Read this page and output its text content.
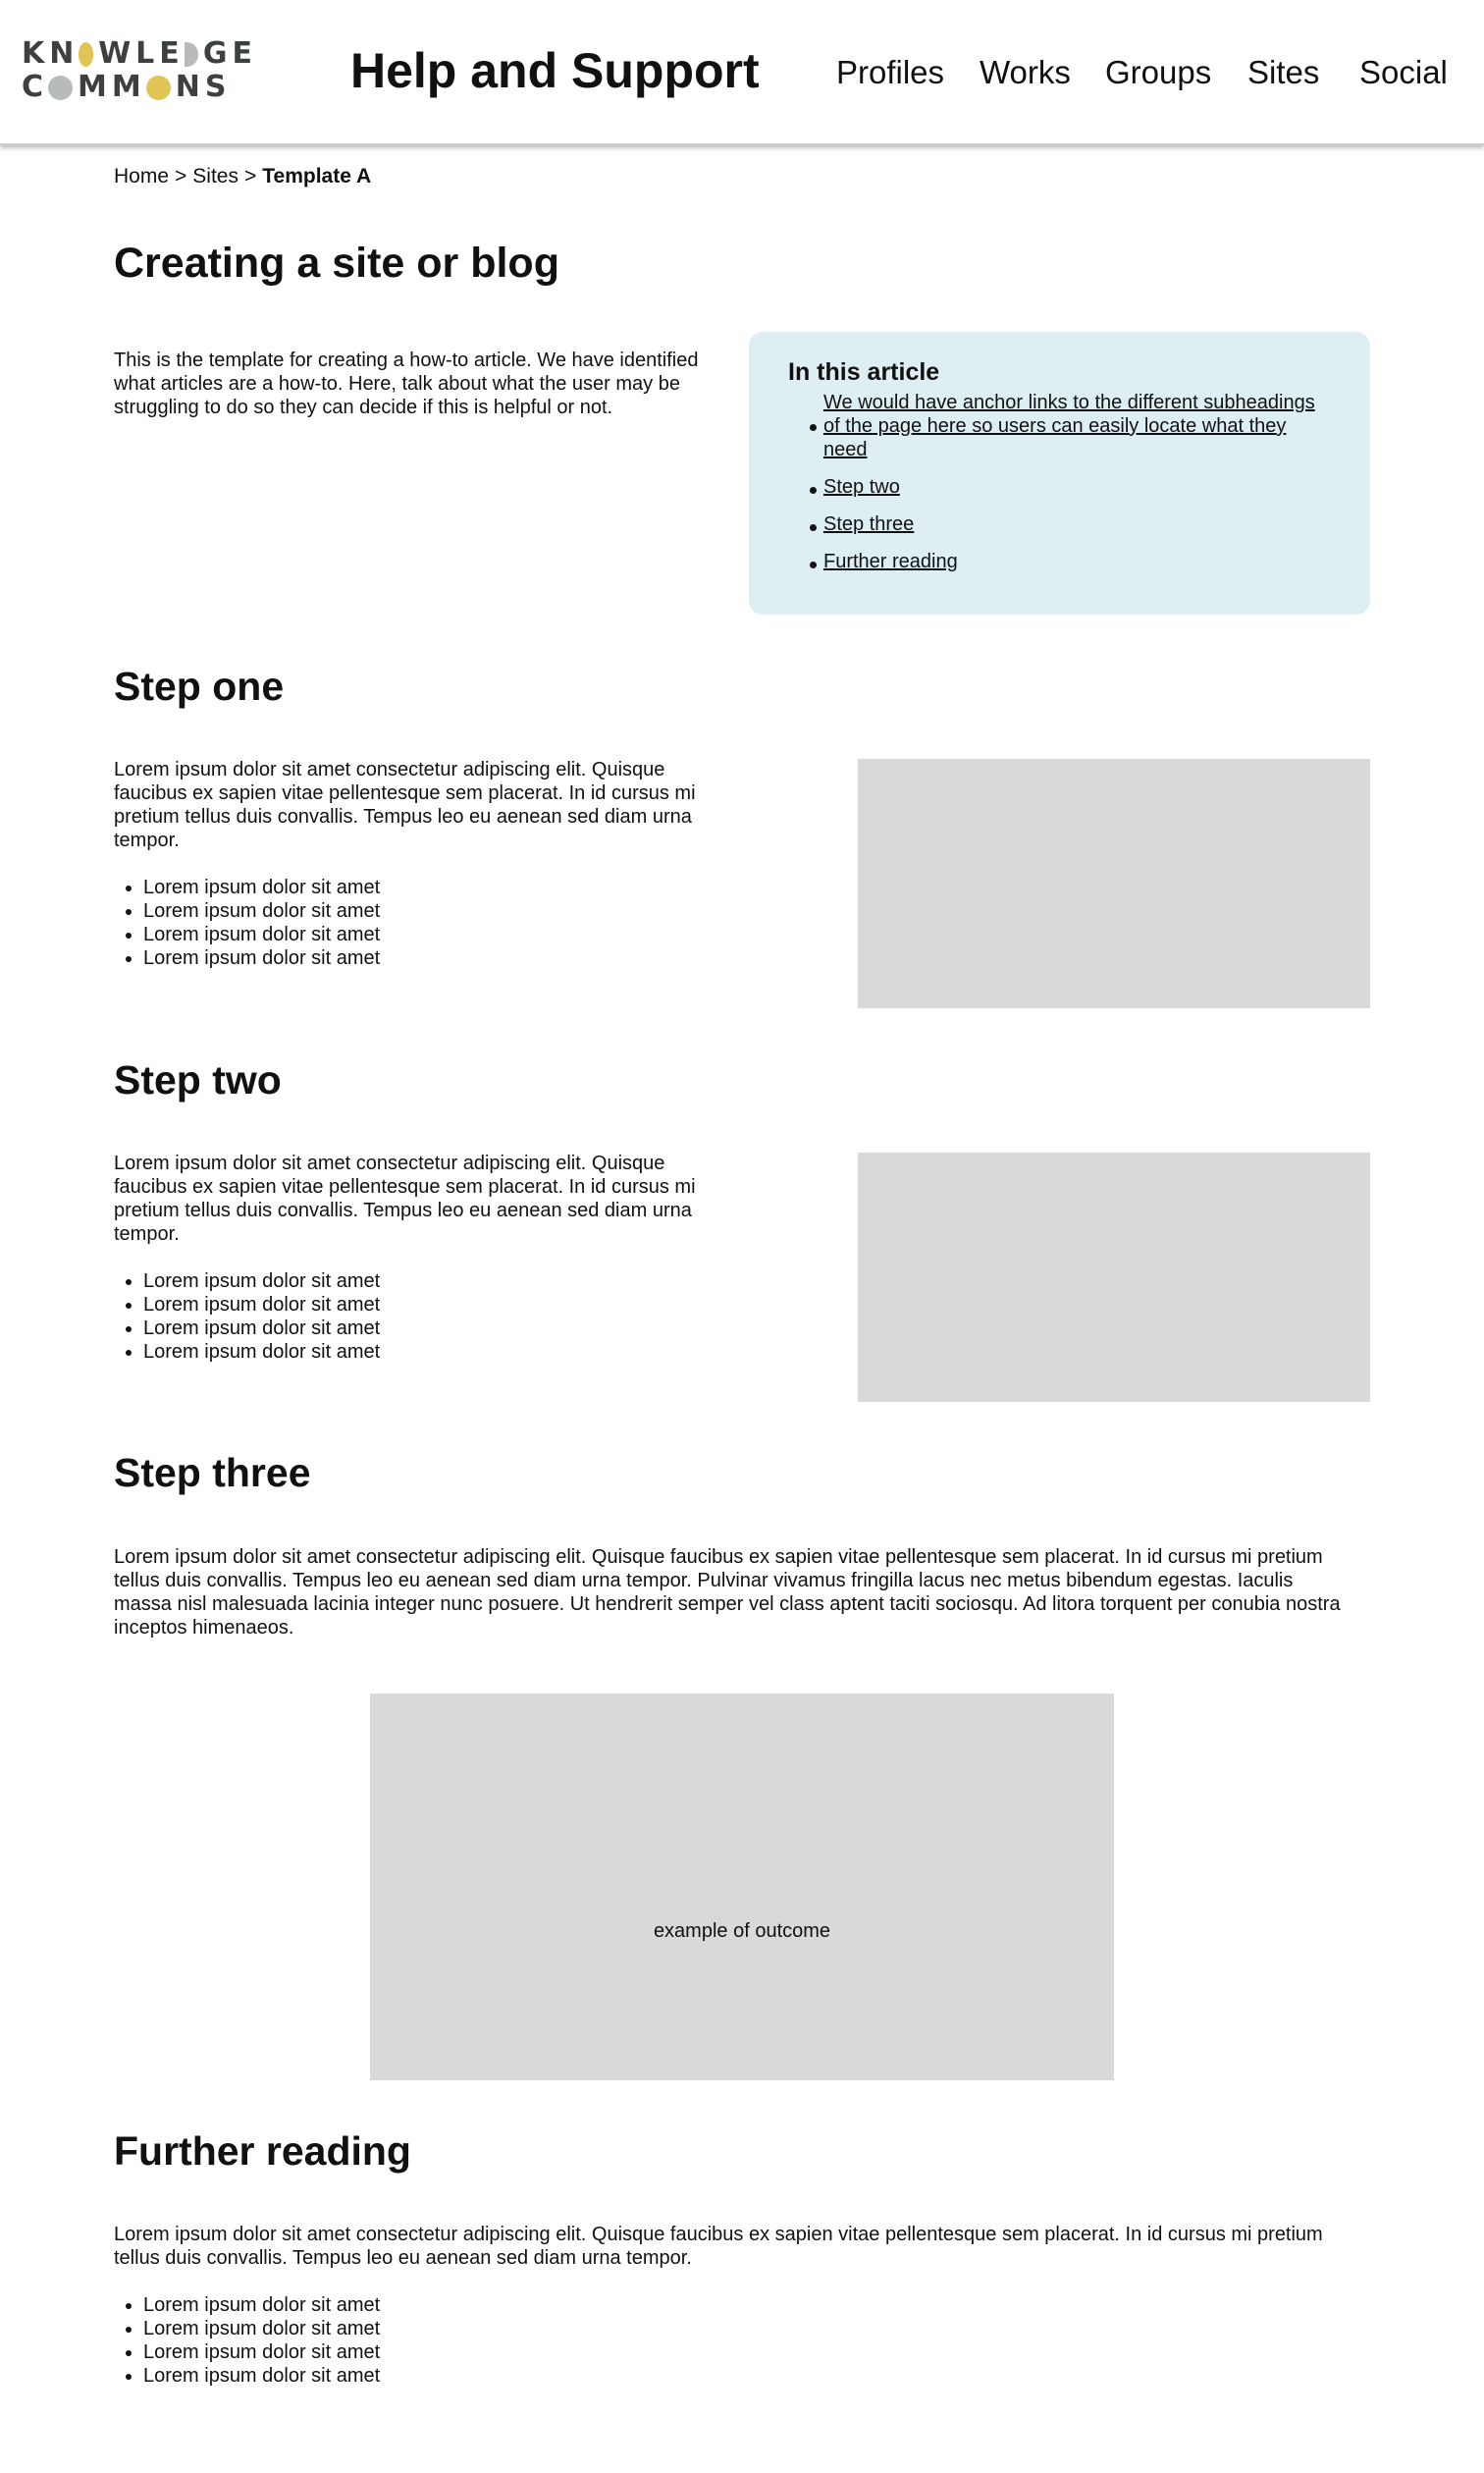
KN WLE GE
C MM NS Help and Support Profiles Works Groups Sites Social
Home > Sites > Template A
Creating a site or blog

This is the template for creating a how-to article. We have identified what articles are a how-to. Here, talk about what the user may be struggling to do so they can decide if this is helpful or not.

In this article
We would have anchor links to the different subheadings of the page here so users can easily locate what they need
Step two
Step three
Further reading
Step one

Lorem ipsum dolor sit amet consectetur adipiscing elit. Quisque faucibus ex sapien vitae pellentesque sem placerat. In id cursus mi pretium tellus duis convallis. Tempus leo eu aenean sed diam urna tempor.

• Lorem ipsum dolor sit amet
• Lorem ipsum dolor sit amet
• Lorem ipsum dolor sit amet
• Lorem ipsum dolor sit amet
Step two

Lorem ipsum dolor sit amet consectetur adipiscing elit. Quisque faucibus ex sapien vitae pellentesque sem placerat. In id cursus mi pretium tellus duis convallis. Tempus leo eu aenean sed diam urna tempor.

• Lorem ipsum dolor sit amet
• Lorem ipsum dolor sit amet
• Lorem ipsum dolor sit amet
• Lorem ipsum dolor sit amet
Step three

Lorem ipsum dolor sit amet consectetur adipiscing elit. Quisque faucibus ex sapien vitae pellentesque sem placerat. In id cursus mi pretium tellus duis convallis. Tempus leo eu aenean sed diam urna tempor. Pulvinar vivamus fringilla lacus nec metus bibendum egestas. Iaculis massa nisl malesuada lacinia integer nunc posuere. Ut hendrerit semper vel class aptent taciti sociosqu. Ad litora torquent per conubia nostra inceptos himenaeos.

example of outcome
Further reading

Lorem ipsum dolor sit amet consectetur adipiscing elit. Quisque faucibus ex sapien vitae pellentesque sem placerat. In id cursus mi pretium tellus duis convallis. Tempus leo eu aenean sed diam urna tempor.

• Lorem ipsum dolor sit amet
• Lorem ipsum dolor sit amet
• Lorem ipsum dolor sit amet
• Lorem ipsum dolor sit amet
